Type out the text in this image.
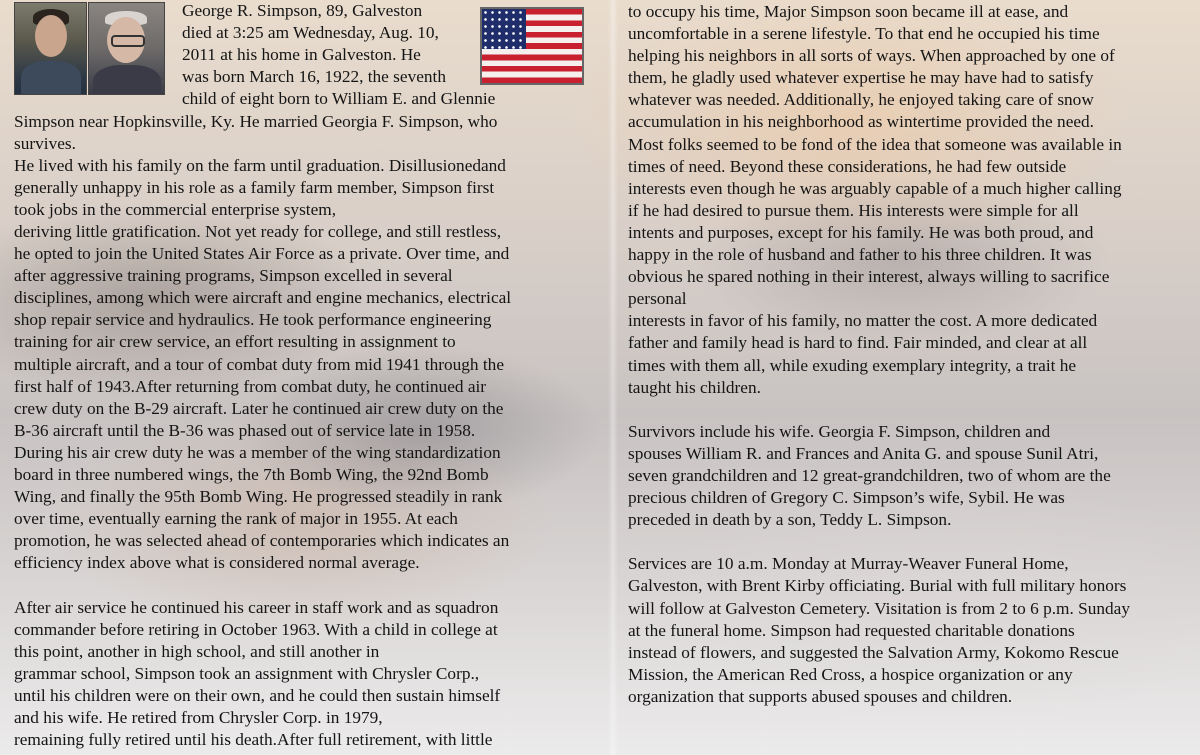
George R. Simpson, 89, Galveston

died at 3:25 am Wednesday, Aug. 10,

2011 at his home in Galveston. He

was born March 16, 1922, the seventh

child of eight born to William E. and Glennie

Simpson near Hopkinsville, Ky. He married Georgia F. Simpson, who

survives.

He lived with his family on the farm until graduation. Disillusionedand

generally unhappy in his role as a family farm member, Simpson first

took jobs in the commercial enterprise system,

deriving little gratification. Not yet ready for college, and still restless,

he opted to join the United States Air Force as a private. Over time, and

after aggressive training programs, Simpson excelled in several

disciplines, among which were aircraft and engine mechanics, electrical

shop repair service and hydraulics. He took performance engineering

training for air crew service, an effort resulting in assignment to

multiple aircraft, and a tour of combat duty from mid 1941 through the

first half of 1943.After returning from combat duty, he continued air

crew duty on the B-29 aircraft. Later he continued air crew duty on the

B-36 aircraft until the B-36 was phased out of service late in 1958.

During his air crew duty he was a member of the wing standardization

board in three numbered wings, the 7th Bomb Wing, the 92nd Bomb

Wing, and finally the 95th Bomb Wing. He progressed steadily in rank

over time, eventually earning the rank of major in 1955. At each

promotion, he was selected ahead of contemporaries which indicates an

efficiency index above what is considered normal average.

After air service he continued his career in staff work and as squadron

commander before retiring in October 1963. With a child in college at

this point, another in high school, and still another in

grammar school, Simpson took an assignment with Chrysler Corp.,

until his children were on their own, and he could then sustain himself

and his wife. He retired from Chrysler Corp. in 1979,

remaining fully retired until his death.After full retirement, with little

to occupy his time, Major Simpson soon became ill at ease, and

uncomfortable in a serene lifestyle. To that end he occupied his time

helping his neighbors in all sorts of ways. When approached by one of

them, he gladly used whatever expertise he may have had to satisfy

whatever was needed. Additionally, he enjoyed taking care of snow

accumulation in his neighborhood as wintertime provided the need.

Most folks seemed to be fond of the idea that someone was available in

times of need. Beyond these considerations, he had few outside

interests even though he was arguably capable of a much higher calling

if he had desired to pursue them. His interests were simple for all

intents and purposes, except for his family. He was both proud, and

happy in the role of husband and father to his three children. It was

obvious he spared nothing in their interest, always willing to sacrifice

personal

interests in favor of his family, no matter the cost. A more dedicated

father and family head is hard to find. Fair minded, and clear at all

times with them all, while exuding exemplary integrity, a trait he

taught his children.

Survivors include his wife. Georgia F. Simpson, children and

spouses William R. and Frances and Anita G. and spouse Sunil Atri,

seven grandchildren and 12 great-grandchildren, two of whom are the

precious children of Gregory C. Simpson’s wife, Sybil. He was

preceded in death by a son, Teddy L. Simpson.

Services are 10 a.m. Monday at Murray-Weaver Funeral Home,

Galveston, with Brent Kirby officiating. Burial with full military honors

will follow at Galveston Cemetery. Visitation is from 2 to 6 p.m. Sunday

at the funeral home. Simpson had requested charitable donations

instead of flowers, and suggested the Salvation Army, Kokomo Rescue

Mission, the American Red Cross, a hospice organization or any

organization that supports abused spouses and children.
